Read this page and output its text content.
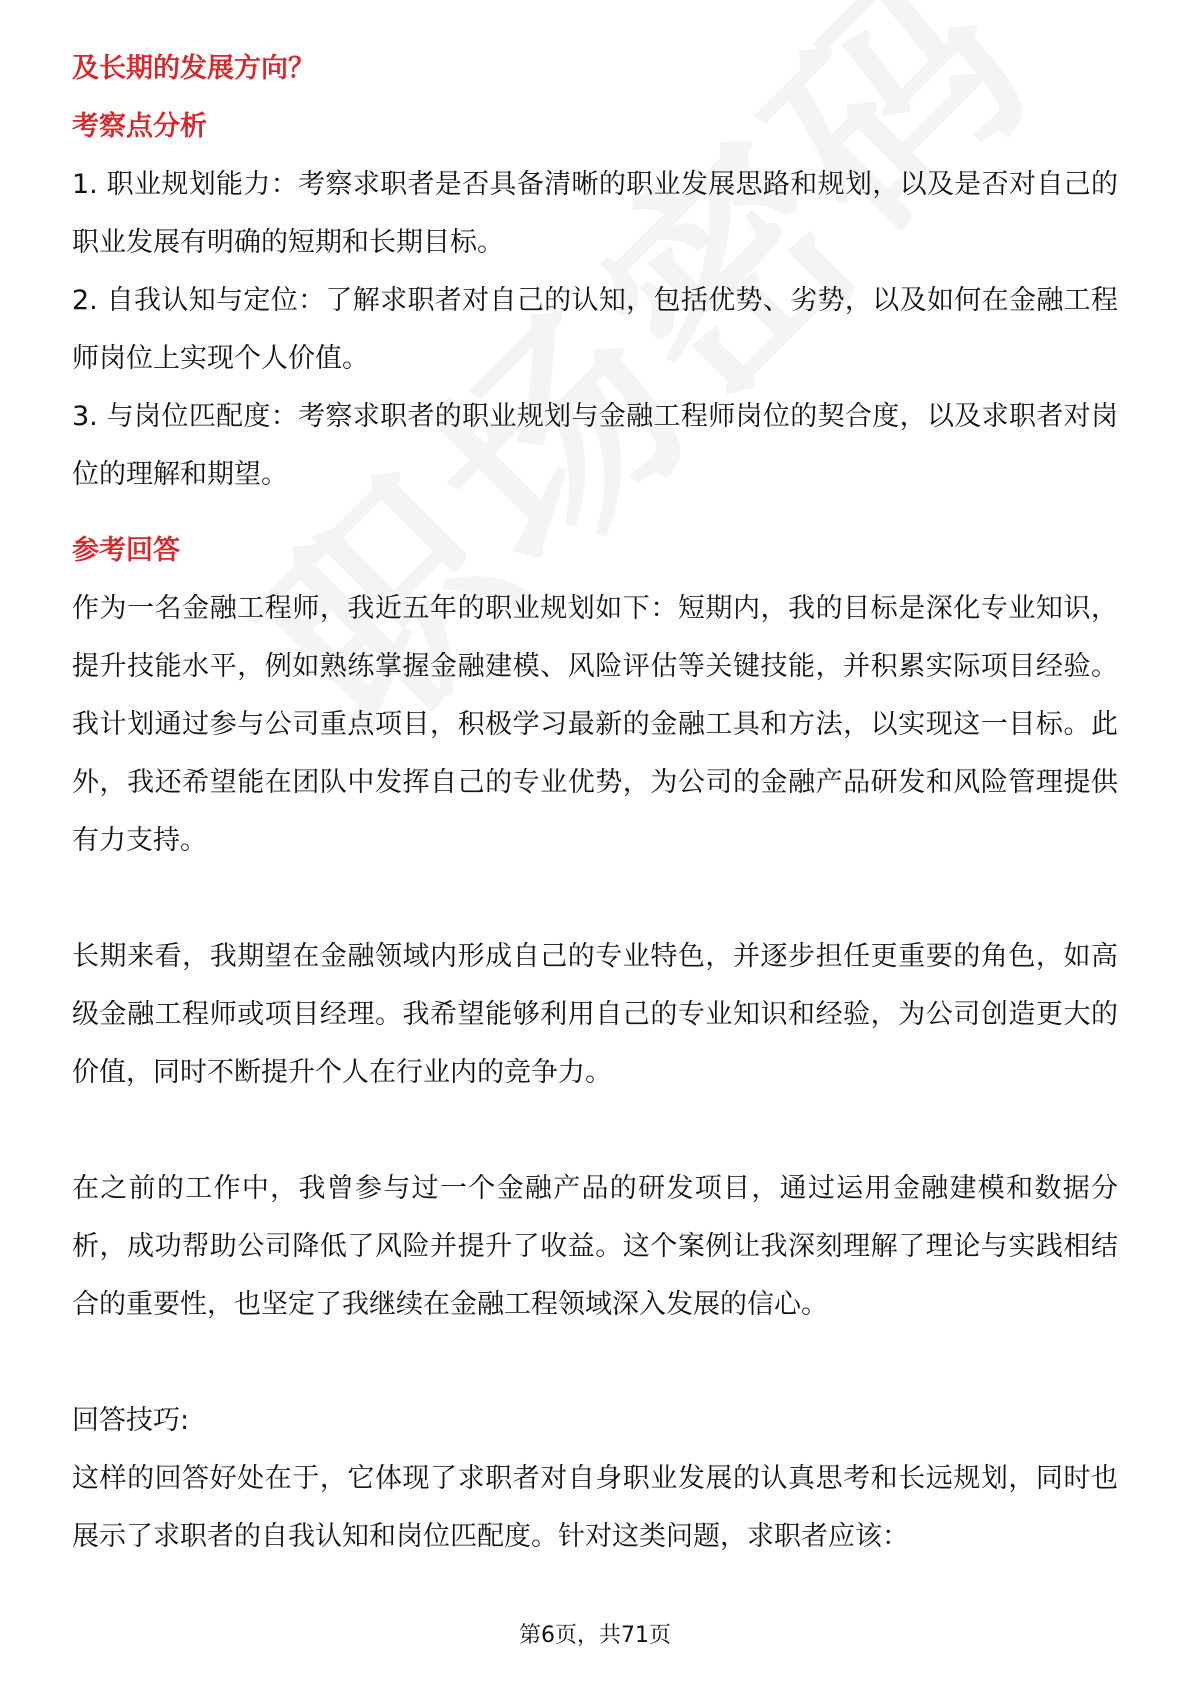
及长期的发展方向？

考察点分析

1. 职业规划能力：考察求职者是否具备清晰的职业发展思路和规划，以及是否对自己的职业发展有明确的短期和长期目标。

2. 自我认知与定位：了解求职者对自己的认知，包括优势、劣势，以及如何在金融工程师岗位上实现个人价值。

3. 与岗位匹配度：考察求职者的职业规划与金融工程师岗位的契合度，以及求职者对岗位的理解和期望。

参考回答

作为一名金融工程师，我近五年的职业规划如下：短期内，我的目标是深化专业知识，提升技能水平，例如熟练掌握金融建模、风险评估等关键技能，并积累实际项目经验。我计划通过参与公司重点项目，积极学习最新的金融工具和方法，以实现这一目标。此外，我还希望能在团队中发挥自己的专业优势，为公司的金融产品研发和风险管理提供有力支持。

长期来看，我期望在金融领域内形成自己的专业特色，并逐步担任更重要的角色，如高级金融工程师或项目经理。我希望能够利用自己的专业知识和经验，为公司创造更大的价值，同时不断提升个人在行业内的竞争力。

在之前的工作中，我曾参与过一个金融产品的研发项目，通过运用金融建模和数据分析，成功帮助公司降低了风险并提升了收益。这个案例让我深刻理解了理论与实践相结合的重要性，也坚定了我继续在金融工程领域深入发展的信心。

回答技巧:

这样的回答好处在于，它体现了求职者对自身职业发展的认真思考和长远规划，同时也展示了求职者的自我认知和岗位匹配度。针对这类问题，求职者应该：

第6页，共71页
